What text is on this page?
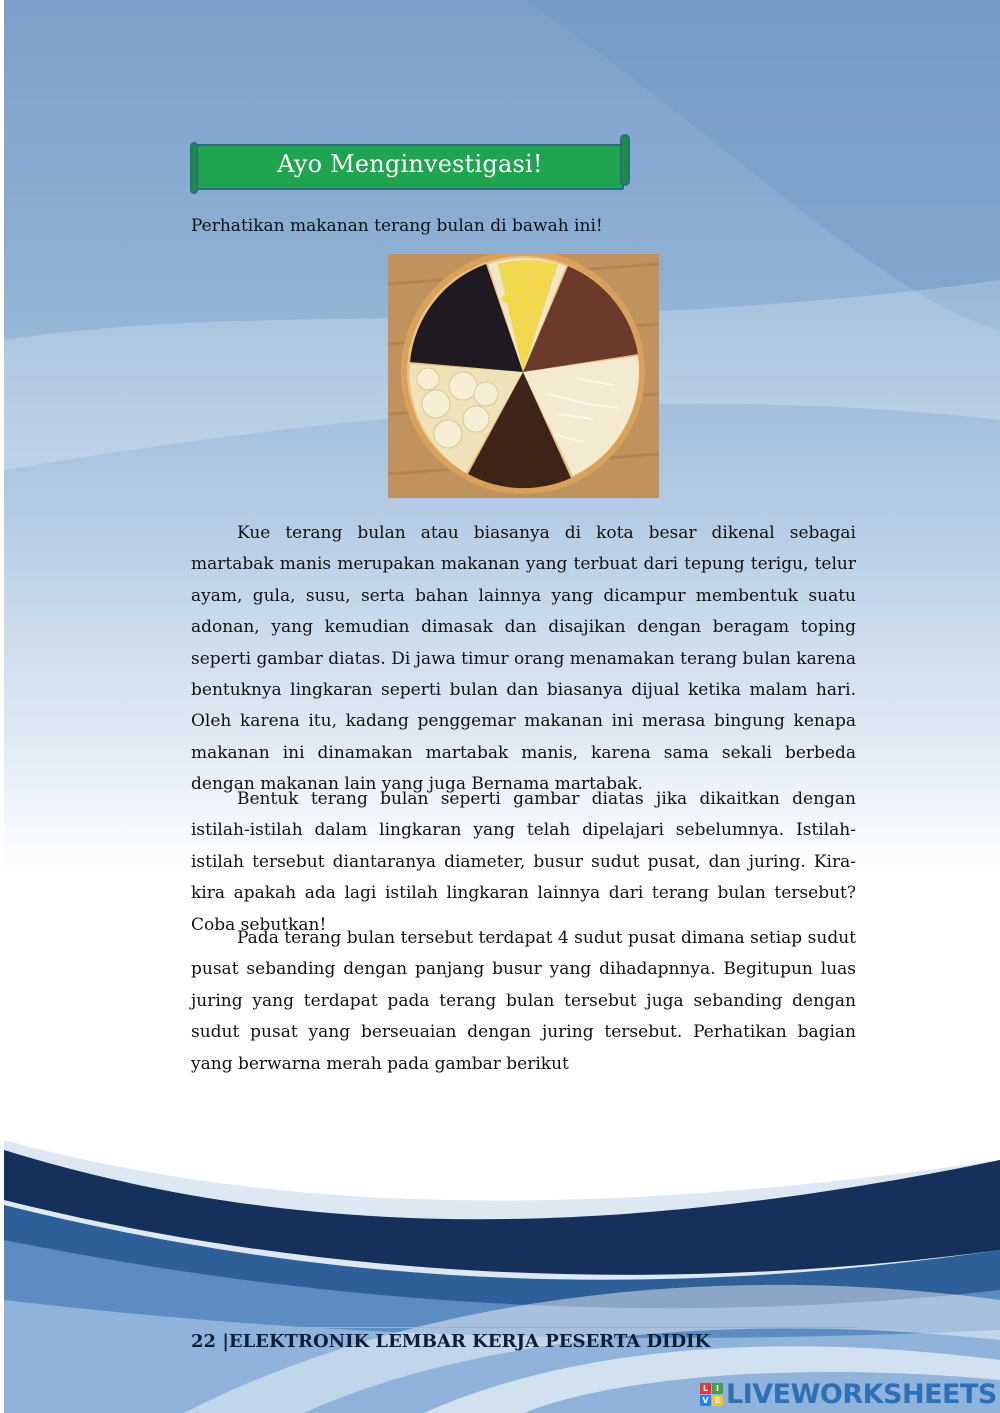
Ayo Menginvestigasi!
Perhatikan makanan terang bulan di bawah ini!

Kue terang bulan atau biasanya di kota besar dikenal sebagai martabak manis merupakan makanan yang terbuat dari tepung terigu, telur ayam, gula, susu, serta bahan lainnya yang dicampur membentuk suatu adonan, yang kemudian dimasak dan disajikan dengan beragam toping seperti gambar diatas. Di jawa timur orang menamakan terang bulan karena bentuknya lingkaran seperti bulan dan biasanya dijual ketika malam hari. Oleh karena itu, kadang penggemar makanan ini merasa bingung kenapa makanan ini dinamakan martabak manis, karena sama sekali berbeda dengan makanan lain yang juga Bernama martabak.

Bentuk terang bulan seperti gambar diatas jika dikaitkan dengan istilah-istilah dalam lingkaran yang telah dipelajari sebelumnya. Istilah-istilah tersebut diantaranya diameter, busur sudut pusat, dan juring. Kira-kira apakah ada lagi istilah lingkaran lainnya dari terang bulan tersebut? Coba sebutkan!

Pada terang bulan tersebut terdapat 4 sudut pusat dimana setiap sudut pusat sebanding dengan panjang busur yang dihadapnnya. Begitupun luas juring yang terdapat pada terang bulan tersebut juga sebanding dengan sudut pusat yang berseuaian dengan juring tersebut. Perhatikan bagian yang berwarna merah pada gambar berikut

22 |ELEKTRONIK LEMBAR KERJA PESERTA DIDIK
L I
V E LIVEWORKSHEETS
